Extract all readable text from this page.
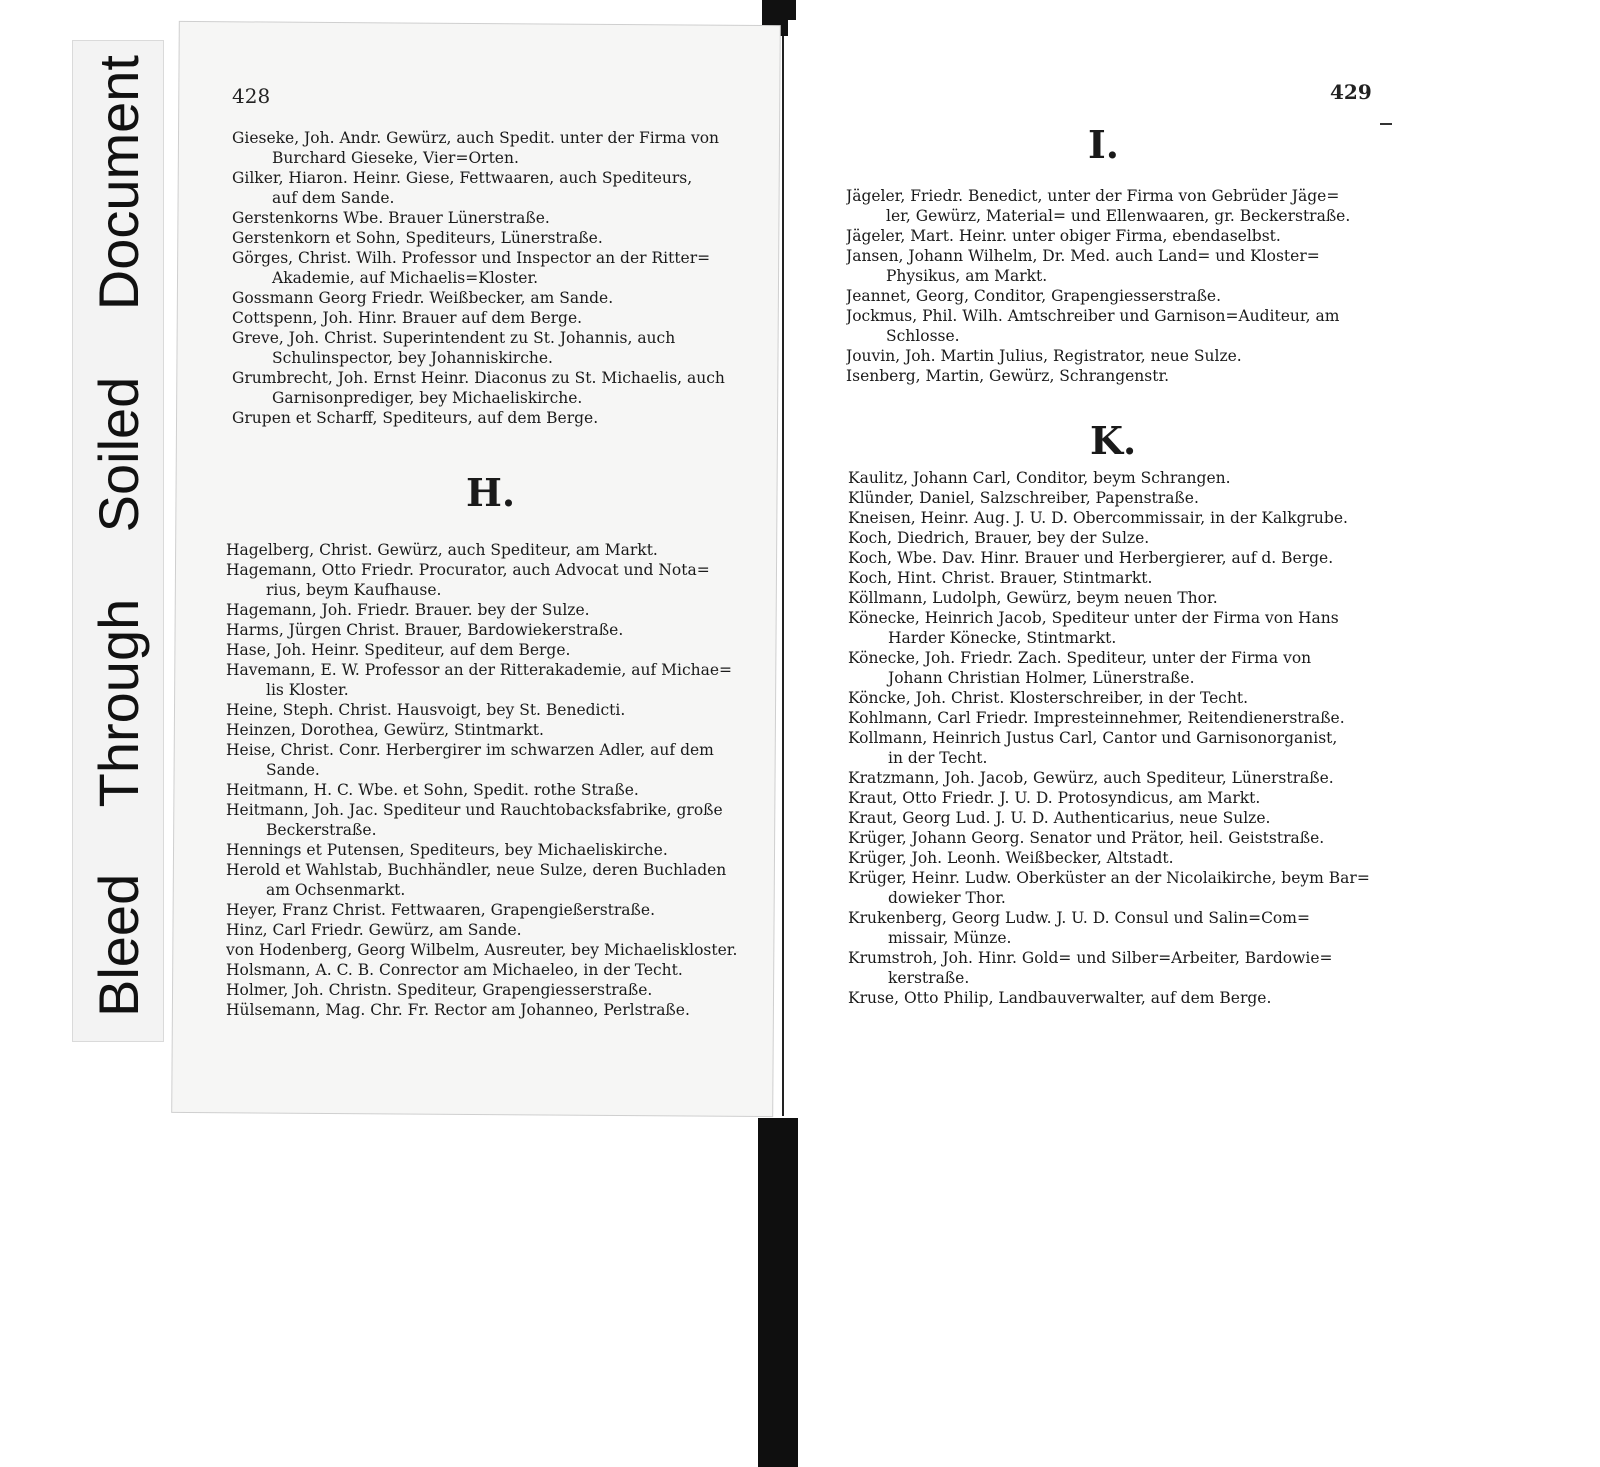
Bleed
Through
Soiled
Document	428
Gieseke, Joh. Andr. Gewürz, auch Spedit. unter der Firma von
Burchard Gieseke, Vier=Orten.
Gilker, Hiaron. Heinr. Giese, Fettwaaren, auch Spediteurs,
auf dem Sande.
Gerstenkorns Wbe. Brauer Lünerstraße.
Gerstenkorn et Sohn, Spediteurs, Lünerstraße.
Görges, Christ. Wilh. Professor und Inspector an der Ritter=
Akademie, auf Michaelis=Kloster.
Gossmann Georg Friedr. Weißbecker, am Sande.
Cottspenn, Joh. Hinr. Brauer auf dem Berge.
Greve, Joh. Christ. Superintendent zu St. Johannis, auch
Schulinspector, bey Johanniskirche.
Grumbrecht, Joh. Ernst Heinr. Diaconus zu St. Michaelis, auch
Garnisonprediger, bey Michaeliskirche.
Grupen et Scharff, Spediteurs, auf dem Berge.
H.
Hagelberg, Christ. Gewürz, auch Spediteur, am Markt.
Hagemann, Otto Friedr. Procurator, auch Advocat und Nota=
rius, beym Kaufhause.
Hagemann, Joh. Friedr. Brauer. bey der Sulze.
Harms, Jürgen Christ. Brauer, Bardowiekerstraße.
Hase, Joh. Heinr. Spediteur, auf dem Berge.
Havemann, E. W. Professor an der Ritterakademie, auf Michae=
lis Kloster.
Heine, Steph. Christ. Hausvoigt, bey St. Benedicti.
Heinzen, Dorothea, Gewürz, Stintmarkt.
Heise, Christ. Conr. Herbergirer im schwarzen Adler, auf dem
Sande.
Heitmann, H. C. Wbe. et Sohn, Spedit. rothe Straße.
Heitmann, Joh. Jac. Spediteur und Rauchtobacksfabrike, große
Beckerstraße.
Hennings et Putensen, Spediteurs, bey Michaeliskirche.
Herold et Wahlstab, Buchhändler, neue Sulze, deren Buchladen
am Ochsenmarkt.
Heyer, Franz Christ. Fettwaaren, Grapengießerstraße.
Hinz, Carl Friedr. Gewürz, am Sande.
von Hodenberg, Georg Wilbelm, Ausreuter, bey Michaeliskloster.
Holsmann, A. C. B. Conrector am Michaeleo, in der Techt.
Holmer, Joh. Christn. Spediteur, Grapengiesserstraße.
Hülsemann, Mag. Chr. Fr. Rector am Johanneo, Perlstraße.
429
I.
Jägeler, Friedr. Benedict, unter der Firma von Gebrüder Jäge=
ler, Gewürz, Material= und Ellenwaaren, gr. Beckerstraße.
Jägeler, Mart. Heinr. unter obiger Firma, ebendaselbst.
Jansen, Johann Wilhelm, Dr. Med. auch Land= und Kloster=
Physikus, am Markt.
Jeannet, Georg, Conditor, Grapengiesserstraße.
Jockmus, Phil. Wilh. Amtschreiber und Garnison=Auditeur, am
Schlosse.
Jouvin, Joh. Martin Julius, Registrator, neue Sulze.
Isenberg, Martin, Gewürz, Schrangenstr.
K.
Kaulitz, Johann Carl, Conditor, beym Schrangen.
Klünder, Daniel, Salzschreiber, Papenstraße.
Kneisen, Heinr. Aug. J. U. D. Obercommissair, in der Kalkgrube.
Koch, Diedrich, Brauer, bey der Sulze.
Koch, Wbe. Dav. Hinr. Brauer und Herbergierer, auf d. Berge.
Koch, Hint. Christ. Brauer, Stintmarkt.
Köllmann, Ludolph, Gewürz, beym neuen Thor.
Könecke, Heinrich Jacob, Spediteur unter der Firma von Hans
Harder Könecke, Stintmarkt.
Könecke, Joh. Friedr. Zach. Spediteur, unter der Firma von
Johann Christian Holmer, Lünerstraße.
Köncke, Joh. Christ. Klosterschreiber, in der Techt.
Kohlmann, Carl Friedr. Impresteinnehmer, Reitendienerstraße.
Kollmann, Heinrich Justus Carl, Cantor und Garnisonorganist,
in der Techt.
Kratzmann, Joh. Jacob, Gewürz, auch Spediteur, Lünerstraße.
Kraut, Otto Friedr. J. U. D. Protosyndicus, am Markt.
Kraut, Georg Lud. J. U. D. Authenticarius, neue Sulze.
Krüger, Johann Georg. Senator und Prätor, heil. Geiststraße.
Krüger, Joh. Leonh. Weißbecker, Altstadt.
Krüger, Heinr. Ludw. Oberküster an der Nicolaikirche, beym Bar=
dowieker Thor.
Krukenberg, Georg Ludw. J. U. D. Consul und Salin=Com=
missair, Münze.
Krumstroh, Joh. Hinr. Gold= und Silber=Arbeiter, Bardowie=
kerstraße.
Kruse, Otto Philip, Landbauverwalter, auf dem Berge.
